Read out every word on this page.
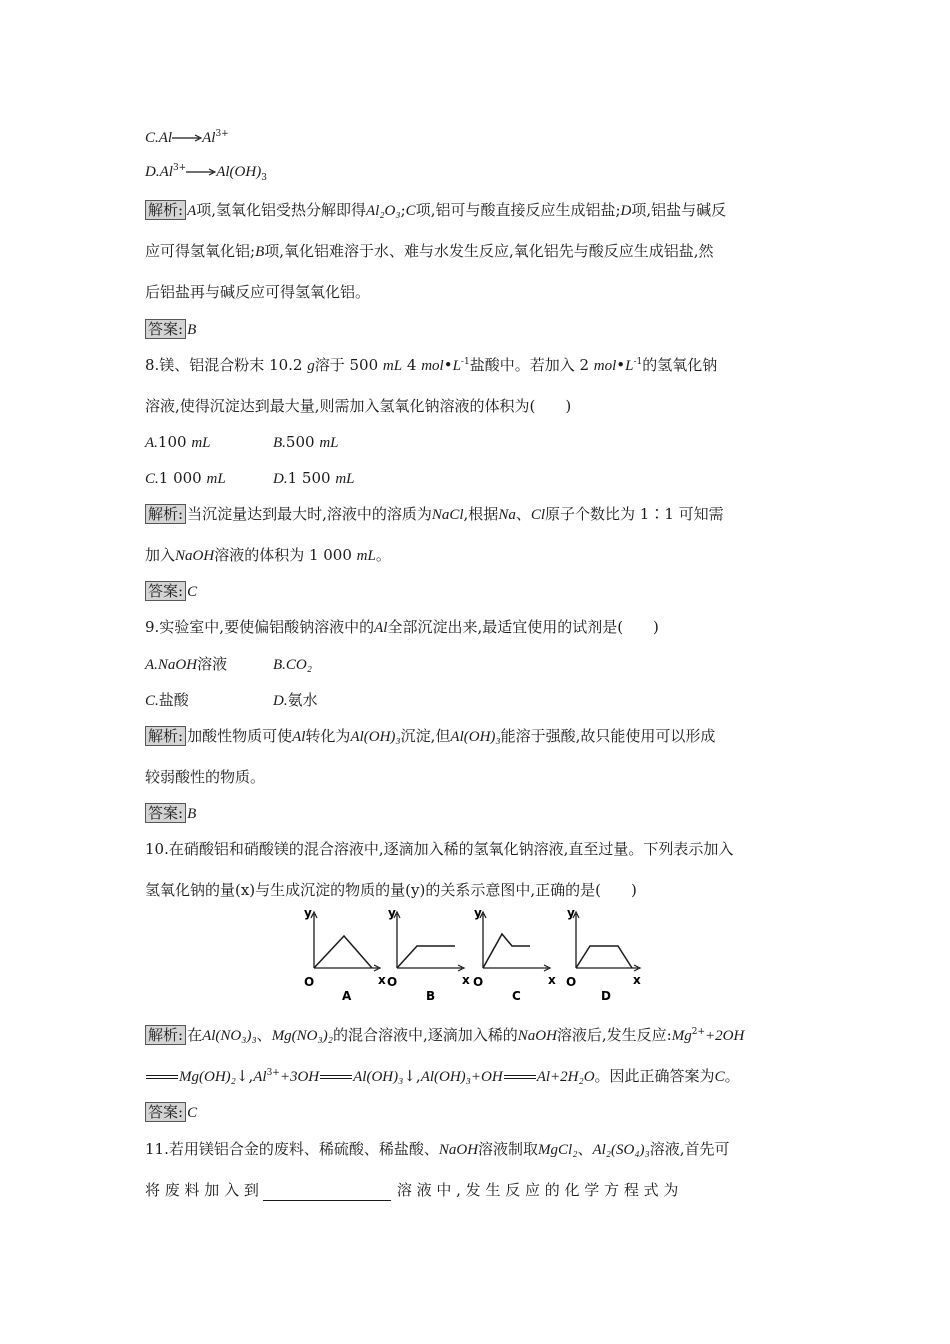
$C.Al\to Al^{3+}$
$D.Al^{3+}\to Al(OH)_3$
解析: A项,氢氧化铝受热分解即得Al₂O₃;C项,铝可与酸直接反应生成铝盐;D项,铝盐与碱反
应可得氢氧化铝;B项,氧化铝难溶于水、难与水发生反应,氧化铝先与酸反应生成铝盐,然
后铝盐再与碱反应可得氢氧化铝。
答案: B
8.镁、铝混合粉末 10.2 g溶于 500 mL 4 $mol•L^{-1}$盐酸中。若加入 2 $mol•L^{-1}$的氢氧化钠
溶液,使得沉淀达到最大量,则需加入氢氧化钠溶液的体积为(　　)
A.100 mL	B.500 mL
C.1 000 mL	D.1 500 mL
解析: 当沉淀量达到最大时,溶液中的溶质为NaCl,根据Na、Cl原子个数比为 1∶1 可知需
加入NaOH溶液的体积为 1 000 mL。
答案: C
9.实验室中,要使偏铝酸钠溶液中的Al全部沉淀出来,最适宜使用的试剂是(　　)
A.NaOH溶液	B.CO₂
C.盐酸	D.氨水
解析: 加酸性物质可使Al转化为Al(OH)₃沉淀,但Al(OH)₃能溶于强酸,故只能使用可以形成
较弱酸性的物质。
答案: B
10.在硝酸铝和硝酸镁的混合溶液中,逐滴加入稀的氢氧化钠溶液,直至过量。下列表示加入
氢氧化钠的量(x)与生成沉淀的物质的量(y)的关系示意图中,正确的是(　　)
y
x
O
A
y
x
O
B
y
x
O
C
y
x
O
D
解析: 在Al(NO₃)₃、Mg(NO₃)₂的混合溶液中,逐滴加入稀的NaOH溶液后,发生反应$:Mg^{2+}+2OH$
$Mg(OH)_2↓,Al^{3+}+3OH$ Al(OH)₃↓,Al(OH)₃+OH Al+2H₂O。因此正确答案为C。
答案: C
11.若用镁铝合金的废料、稀硫酸、稀盐酸、NaOH溶液制取MgCl₂、Al₂(SO₄)₃溶液,首先可
将 废 料 加 入 到	溶 液 中 , 发 生 反 应 的 化 学 方 程 式 为
